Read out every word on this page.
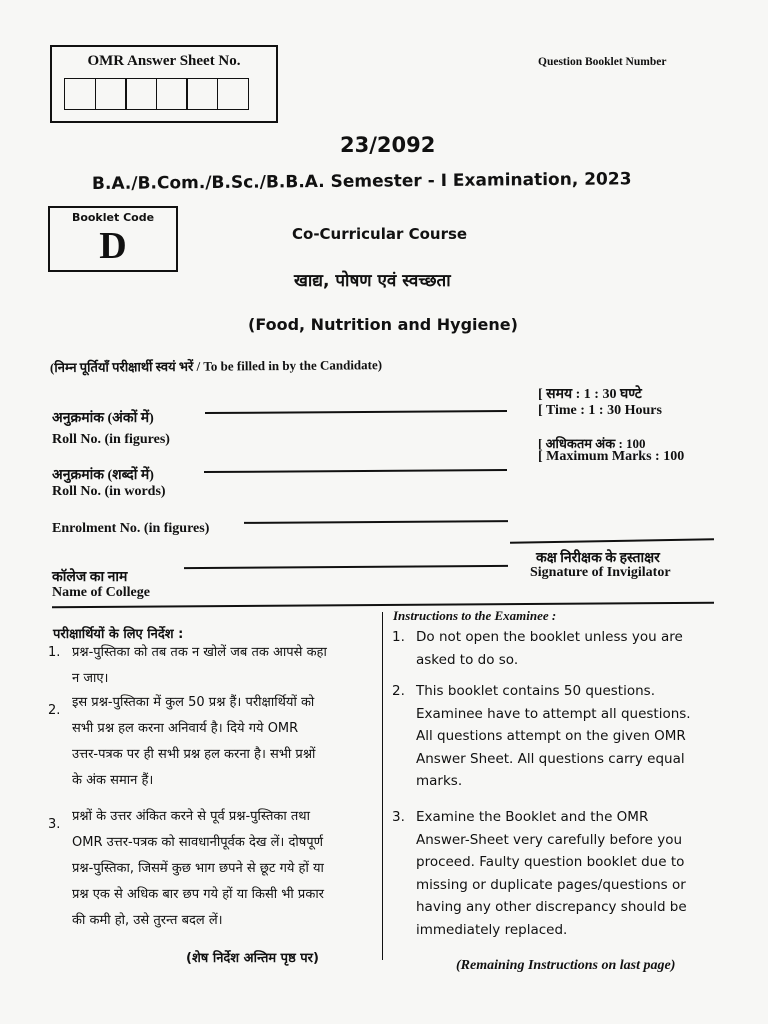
OMR Answer Sheet No.	Question Booklet Number
23/2092
B.A./B.Com./B.Sc./B.B.A. Semester - I Examination, 2023
Booklet Code
D	Co-Curricular Course
खाद्य, पोषण एवं स्वच्छता
(Food, Nutrition and Hygiene)
(निम्न पूर्तियाँ परीक्षार्थी स्वयं भरें / To be filled in by the Candidate)
[ समय : 1 : 30 घण्टे
[ Time : 1 : 30 Hours
[ अधिकतम अंक : 100
[ Maximum Marks : 100
अनुक्रमांक (अंकों में)
Roll No. (in figures)
अनुक्रमांक (शब्दों में)
Roll No. (in words)
Enrolment No. (in figures)
कॉलेज का नाम
Name of College
कक्ष निरीक्षक के हस्ताक्षर
Signature of Invigilator
परीक्षार्थियों के लिए निर्देश :
1. प्रश्न-पुस्तिका को तब तक न खोलें जब तक आपसे कहा
न जाए।
2.
इस प्रश्न-पुस्तिका में कुल 50 प्रश्न हैं। परीक्षार्थियों को
सभी प्रश्न हल करना अनिवार्य है। दिये गये OMR
उत्तर-पत्रक पर ही सभी प्रश्न हल करना है। सभी प्रश्नों
के अंक समान हैं।
3.
प्रश्नों के उत्तर अंकित करने से पूर्व प्रश्न-पुस्तिका तथा
OMR उत्तर-पत्रक को सावधानीपूर्वक देख लें। दोषपूर्ण
प्रश्न-पुस्तिका, जिसमें कुछ भाग छपने से छूट गये हों या
प्रश्न एक से अधिक बार छप गये हों या किसी भी प्रकार
की कमी हो, उसे तुरन्त बदल लें।
(शेष निर्देश अन्तिम पृष्ठ पर)
Instructions to the Examinee :
1. Do not open the booklet unless you are
asked to do so.
2. This booklet contains 50 questions.
Examinee have to attempt all questions.
All questions attempt on the given OMR
Answer Sheet. All questions carry equal
marks.
3. Examine the Booklet and the OMR
Answer-Sheet very carefully before you
proceed. Faulty question booklet due to
missing or duplicate pages/questions or
having any other discrepancy should be
immediately replaced.
(Remaining Instructions on last page)
